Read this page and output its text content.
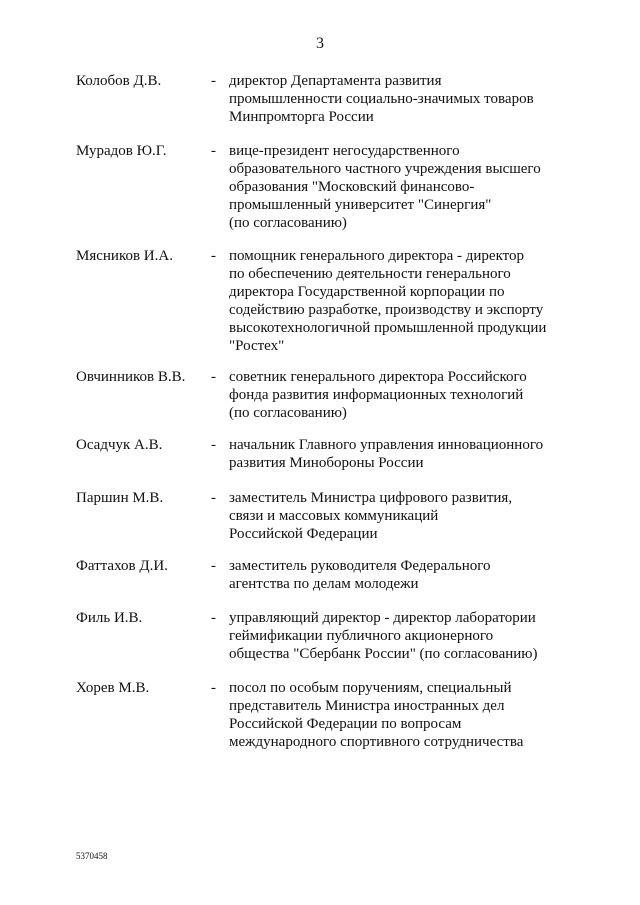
3
Колобов Д.В.	- директор Департамента развития
промышленности социально-значимых товаров
Минпромторга России
Мурадов Ю.Г.	- вице-президент негосударственного
образовательного частного учреждения высшего
образования "Московский финансово-
промышленный университет "Синергия"
(по согласованию)
Мясников И.А.	- помощник генерального директора - директор
по обеспечению деятельности генерального
директора Государственной корпорации по
содействию разработке, производству и экспорту
высокотехнологичной промышленной продукции
"Ростех"
Овчинников В.В. - советник генерального директора Российского
фонда развития информационных технологий
(по согласованию)
Осадчук А.В.	- начальник Главного управления инновационного
развития Минобороны России
Паршин М.В.	- заместитель Министра цифрового развития,
связи и массовых коммуникаций
Российской Федерации
Фаттахов Д.И.	- заместитель руководителя Федерального
агентства по делам молодежи
Филь И.В.	- управляющий директор - директор лаборатории
геймификации публичного акционерного
общества "Сбербанк России" (по согласованию)
Хорев М.В.	- посол по особым поручениям, специальный
представитель Министра иностранных дел
Российской Федерации по вопросам
международного спортивного сотрудничества
5370458
